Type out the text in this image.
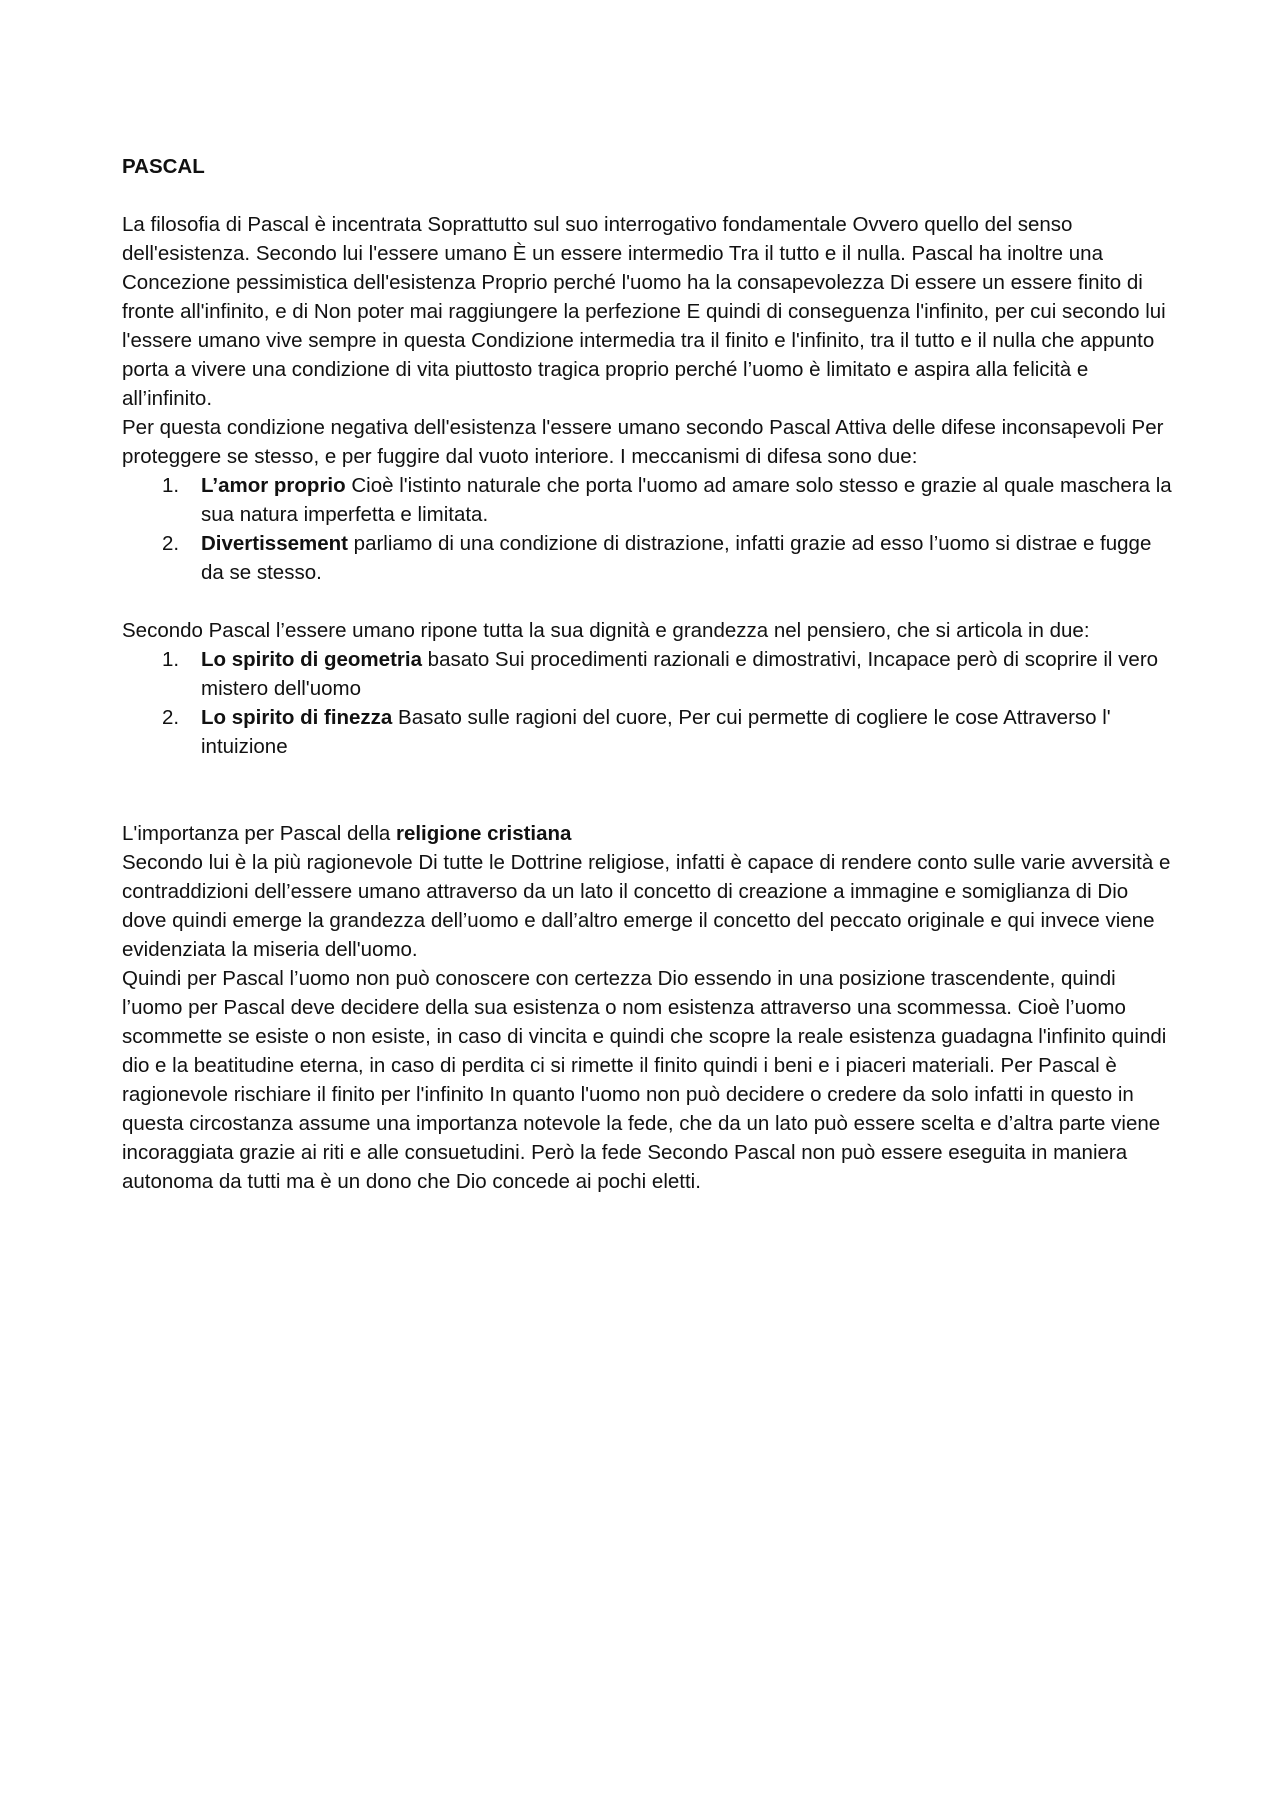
PASCAL

La filosofia di Pascal è incentrata Soprattutto sul suo interrogativo fondamentale Ovvero quello del senso dell'esistenza. Secondo lui l'essere umano È un essere intermedio Tra il tutto e il nulla. Pascal ha inoltre una Concezione pessimistica dell'esistenza Proprio perché l'uomo ha la consapevolezza Di essere un essere finito di fronte all'infinito, e di Non poter mai raggiungere la perfezione E quindi di conseguenza l'infinito, per cui secondo lui l'essere umano vive sempre in questa Condizione intermedia tra il finito e l'infinito, tra il tutto e il nulla che appunto porta a vivere una condizione di vita piuttosto tragica proprio perché l’uomo è limitato e aspira alla felicità e all’infinito.

Per questa condizione negativa dell'esistenza l'essere umano secondo Pascal Attiva delle difese inconsapevoli Per proteggere se stesso, e per fuggire dal vuoto interiore. I meccanismi di difesa sono due:

1. L’amor proprio Cioè l'istinto naturale che porta l'uomo ad amare solo stesso e grazie al quale maschera la sua natura imperfetta e limitata.
2. Divertissement parliamo di una condizione di distrazione, infatti grazie ad esso l’uomo si distrae e fugge da se stesso.

Secondo Pascal l’essere umano ripone tutta la sua dignità e grandezza nel pensiero, che si articola in due:

1. Lo spirito di geometria basato Sui procedimenti razionali e dimostrativi, Incapace però di scoprire il vero mistero dell'uomo
2. Lo spirito di finezza Basato sulle ragioni del cuore, Per cui permette di cogliere le cose Attraverso l' intuizione

L'importanza per Pascal della religione cristiana

Secondo lui è la più ragionevole Di tutte le Dottrine religiose, infatti è capace di rendere conto sulle varie avversità e contraddizioni dell’essere umano attraverso da un lato il concetto di creazione a immagine e somiglianza di Dio dove quindi emerge la grandezza dell’uomo e dall’altro emerge il concetto del peccato originale e qui invece viene evidenziata la miseria dell'uomo.

Quindi per Pascal l’uomo non può conoscere con certezza Dio essendo in una posizione trascendente, quindi l’uomo per Pascal deve decidere della sua esistenza o nom esistenza attraverso una scommessa. Cioè l’uomo scommette se esiste o non esiste, in caso di vincita e quindi che scopre la reale esistenza guadagna l'infinito quindi dio e la beatitudine eterna, in caso di perdita ci si rimette il finito quindi i beni e i piaceri materiali. Per Pascal è ragionevole rischiare il finito per l'infinito In quanto l'uomo non può decidere o credere da solo infatti in questo in questa circostanza assume una importanza notevole la fede, che da un lato può essere scelta e d’altra parte viene incoraggiata grazie ai riti e alle consuetudini. Però la fede Secondo Pascal non può essere eseguita in maniera autonoma da tutti ma è un dono che Dio concede ai pochi eletti.
